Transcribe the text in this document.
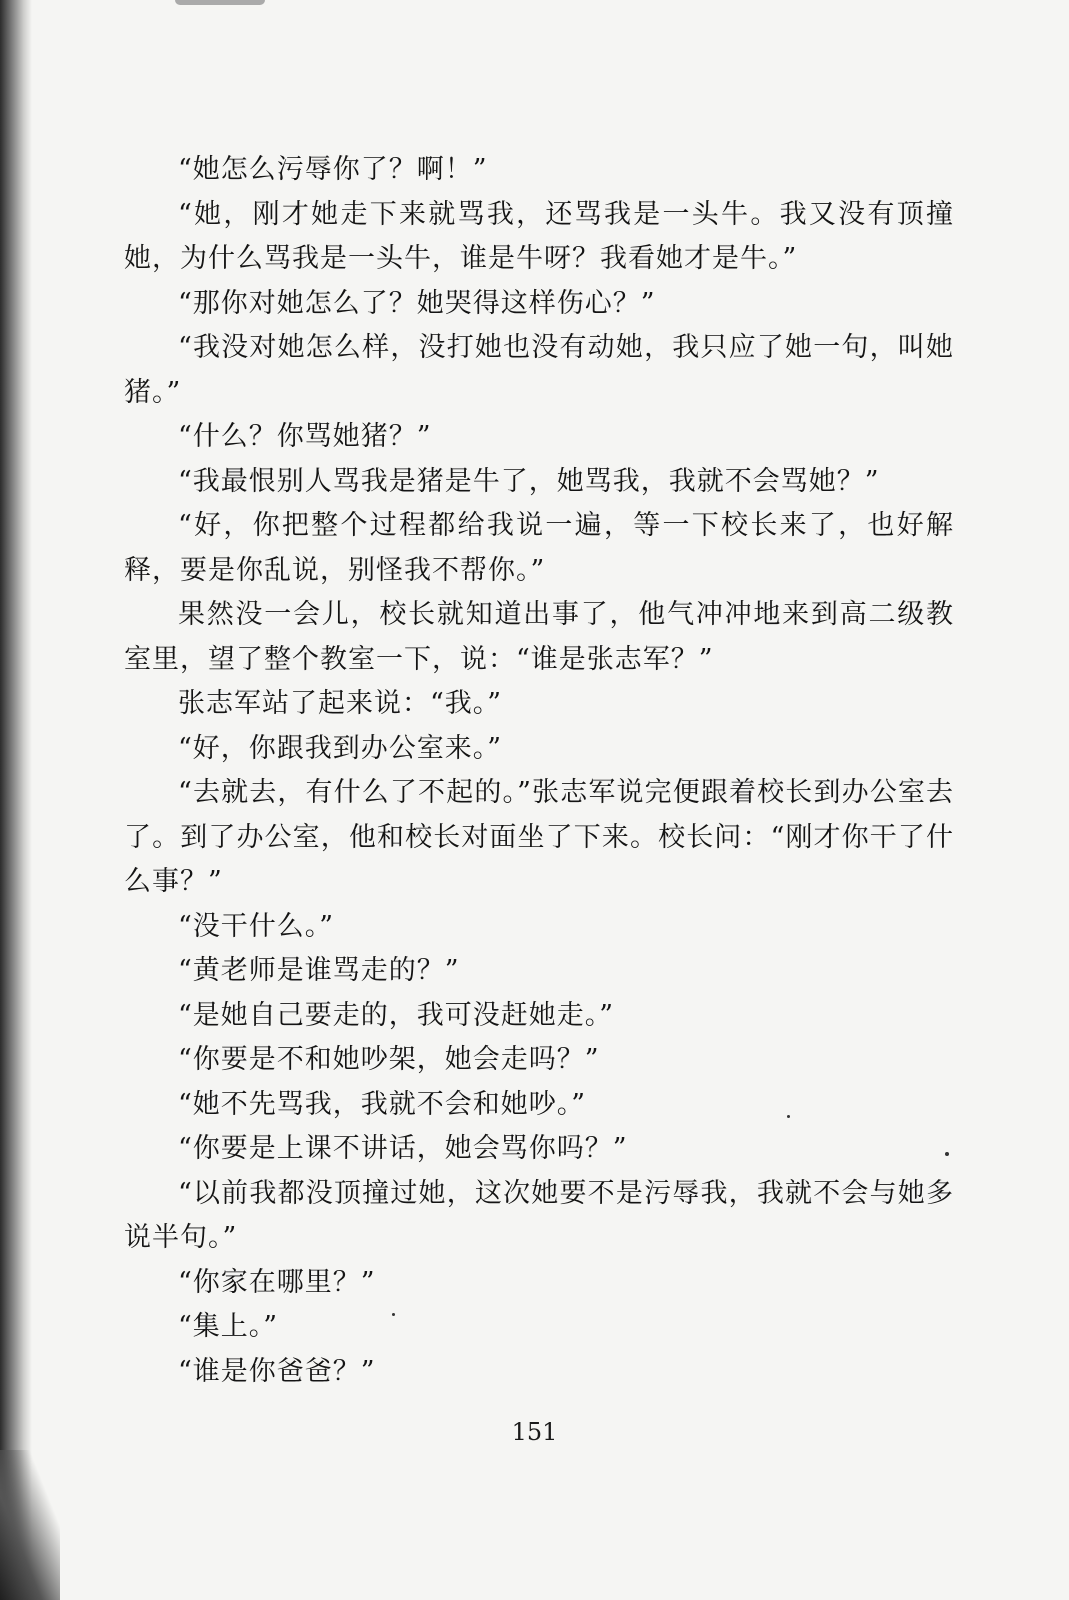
“她怎么污辱你了？啊！”

“她，刚才她走下来就骂我，还骂我是一头牛。我又没有顶撞她，为什么骂我是一头牛，谁是牛呀？我看她才是牛。”

“那你对她怎么了？她哭得这样伤心？”

“我没对她怎么样，没打她也没有动她，我只应了她一句，叫她猪。”

“什么？你骂她猪？”

“我最恨别人骂我是猪是牛了，她骂我，我就不会骂她？”

“好，你把整个过程都给我说一遍，等一下校长来了，也好解释，要是你乱说，别怪我不帮你。”

果然没一会儿，校长就知道出事了，他气冲冲地来到高二级教室里，望了整个教室一下，说：“谁是张志军？”

张志军站了起来说：“我。”

“好，你跟我到办公室来。”

“去就去，有什么了不起的。”张志军说完便跟着校长到办公室去了。到了办公室，他和校长对面坐了下来。校长问：“刚才你干了什么事？”

“没干什么。”

“黄老师是谁骂走的？”

“是她自己要走的，我可没赶她走。”

“你要是不和她吵架，她会走吗？”

“她不先骂我，我就不会和她吵。”

“你要是上课不讲话，她会骂你吗？”

“以前我都没顶撞过她，这次她要不是污辱我，我就不会与她多说半句。”

“你家在哪里？”

“集上。”

“谁是你爸爸？”

151
